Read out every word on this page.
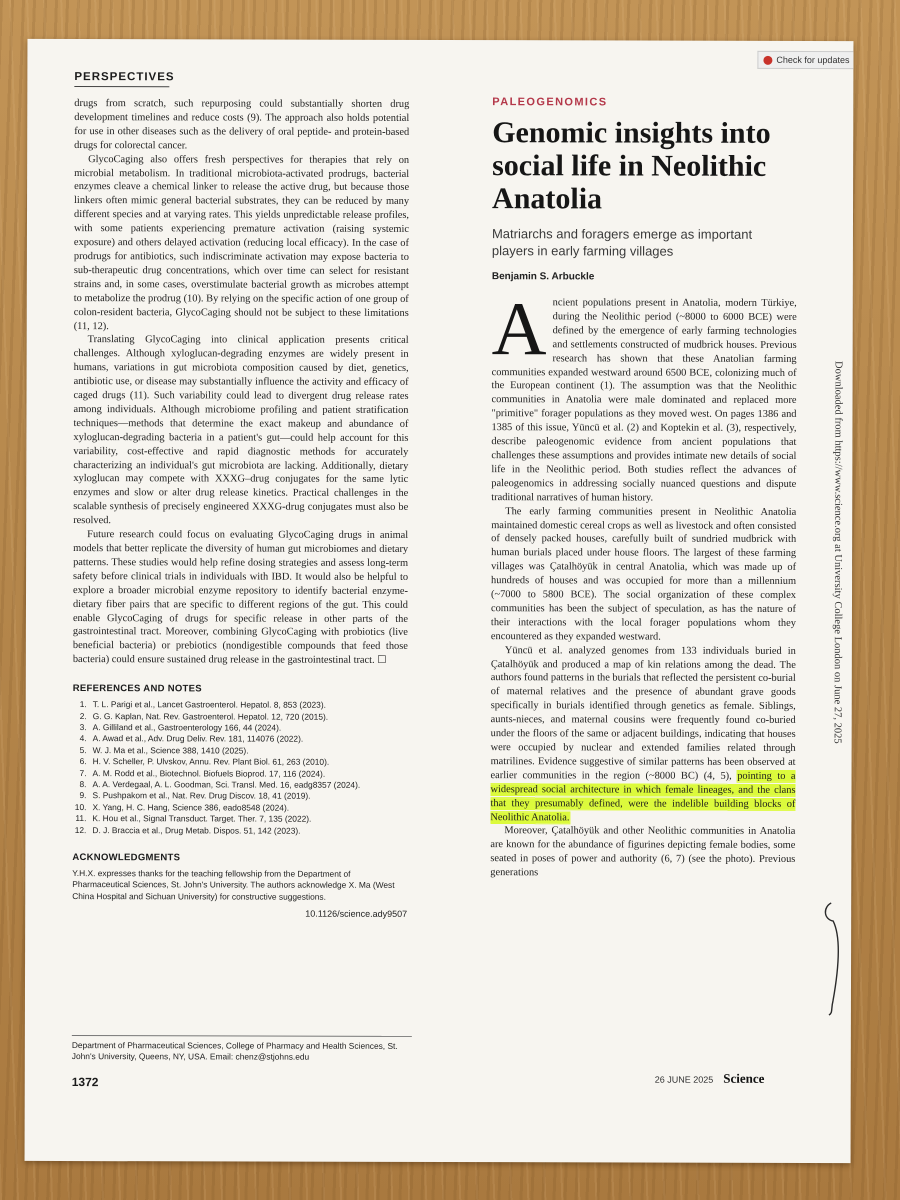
Check for updates
PERSPECTIVES

drugs from scratch, such repurposing could substantially shorten drug development timelines and reduce costs (9). The approach also holds potential for use in other diseases such as the delivery of oral peptide- and protein-based drugs for colorectal cancer.

GlycoCaging also offers fresh perspectives for therapies that rely on microbial metabolism. In traditional microbiota-activated prodrugs, bacterial enzymes cleave a chemical linker to release the active drug, but because those linkers often mimic general bacterial substrates, they can be reduced by many different species and at varying rates. This yields unpredictable release profiles, with some patients experiencing premature activation (raising systemic exposure) and others delayed activation (reducing local efficacy). In the case of prodrugs for antibiotics, such indiscriminate activation may expose bacteria to sub-therapeutic drug concentrations, which over time can select for resistant strains and, in some cases, overstimulate bacterial growth as microbes attempt to metabolize the prodrug (10). By relying on the specific action of one group of colon-resident bacteria, GlycoCaging should not be subject to these limitations (11, 12).

Translating GlycoCaging into clinical application presents critical challenges. Although xyloglucan-degrading enzymes are widely present in humans, variations in gut microbiota composition caused by diet, genetics, antibiotic use, or disease may substantially influence the activity and efficacy of caged drugs (11). Such variability could lead to divergent drug release rates among individuals. Although microbiome profiling and patient stratification techniques—methods that determine the exact makeup and abundance of xyloglucan-degrading bacteria in a patient's gut—could help account for this variability, cost-effective and rapid diagnostic methods for accurately characterizing an individual's gut microbiota are lacking. Additionally, dietary xyloglucan may compete with XXXG–drug conjugates for the same lytic enzymes and slow or alter drug release kinetics. Practical challenges in the scalable synthesis of precisely engineered XXXG-drug conjugates must also be resolved.

Future research could focus on evaluating GlycoCaging drugs in animal models that better replicate the diversity of human gut microbiomes and dietary patterns. These studies would help refine dosing strategies and assess long-term safety before clinical trials in individuals with IBD. It would also be helpful to explore a broader microbial enzyme repository to identify bacterial enzyme-dietary fiber pairs that are specific to different regions of the gut. This could enable GlycoCaging of drugs for specific release in other parts of the gastrointestinal tract. Moreover, combining GlycoCaging with probiotics (live beneficial bacteria) or prebiotics (nondigestible compounds that feed those bacteria) could ensure sustained drug release in the gastrointestinal tract. ☐

REFERENCES AND NOTES
1. T. L. Parigi et al., Lancet Gastroenterol. Hepatol. 8, 853 (2023).
2. G. G. Kaplan, Nat. Rev. Gastroenterol. Hepatol. 12, 720 (2015).
3. A. Gilliland et al., Gastroenterology 166, 44 (2024).
4. A. Awad et al., Adv. Drug Deliv. Rev. 181, 114076 (2022).
5. W. J. Ma et al., Science 388, 1410 (2025).
6. H. V. Scheller, P. Ulvskov, Annu. Rev. Plant Biol. 61, 263 (2010).
7. A. M. Rodd et al., Biotechnol. Biofuels Bioprod. 17, 116 (2024).
8. A. A. Verdegaal, A. L. Goodman, Sci. Transl. Med. 16, eadg8357 (2024).
9. S. Pushpakom et al., Nat. Rev. Drug Discov. 18, 41 (2019).
10. X. Yang, H. C. Hang, Science 386, eado8548 (2024).
11. K. Hou et al., Signal Transduct. Target. Ther. 7, 135 (2022).
12. D. J. Braccia et al., Drug Metab. Dispos. 51, 142 (2023).
ACKNOWLEDGMENTS

Y.H.X. expresses thanks for the teaching fellowship from the Department of Pharmaceutical Sciences, St. John's University. The authors acknowledge X. Ma (West China Hospital and Sichuan University) for constructive suggestions.

10.1126/science.ady9507
Department of Pharmaceutical Sciences, College of Pharmacy and Health Sciences, St. John's University, Queens, NY, USA. Email: chenz@stjohns.edu
1372
PALEOGENOMICS
Genomic insights into social life in Neolithic Anatolia
Matriarchs and foragers emerge as important players in early farming villages
Benjamin S. Arbuckle

Ancient populations present in Anatolia, modern Türkiye, during the Neolithic period (~8000 to 6000 BCE) were defined by the emergence of early farming technologies and settlements constructed of mudbrick houses. Previous research has shown that these Anatolian farming communities expanded westward around 6500 BCE, colonizing much of the European continent (1). The assumption was that the Neolithic communities in Anatolia were male dominated and replaced more "primitive" forager populations as they moved west. On pages 1386 and 1385 of this issue, Yüncü et al. (2) and Koptekin et al. (3), respectively, describe paleogenomic evidence from ancient populations that challenges these assumptions and provides intimate new details of social life in the Neolithic period. Both studies reflect the advances of paleogenomics in addressing socially nuanced questions and dispute traditional narratives of human history.

The early farming communities present in Neolithic Anatolia maintained domestic cereal crops as well as livestock and often consisted of densely packed houses, carefully built of sundried mudbrick with human burials placed under house floors. The largest of these farming villages was Çatalhöyük in central Anatolia, which was made up of hundreds of houses and was occupied for more than a millennium (~7000 to 5800 BCE). The social organization of these complex communities has been the subject of speculation, as has the nature of their interactions with the local forager populations whom they encountered as they expanded westward.

Yüncü et al. analyzed genomes from 133 individuals buried in Çatalhöyük and produced a map of kin relations among the dead. The authors found patterns in the burials that reflected the persistent co-burial of maternal relatives and the presence of abundant grave goods specifically in burials identified through genetics as female. Siblings, aunts-nieces, and maternal cousins were frequently found co-buried under the floors of the same or adjacent buildings, indicating that houses were occupied by nuclear and extended families related through matrilines. Evidence suggestive of similar patterns has been observed at earlier communities in the region (~8000 BC) (4, 5), pointing to a widespread social architecture in which female lineages, and the clans that they presumably defined, were the indelible building blocks of Neolithic Anatolia.

Moreover, Çatalhöyük and other Neolithic communities in Anatolia are known for the abundance of figurines depicting female bodies, some seated in poses of power and authority (6, 7) (see the photo). Previous generations

Downloaded from https://www.science.org at University College London on June 27, 2025
26 JUNE 2025 Science
